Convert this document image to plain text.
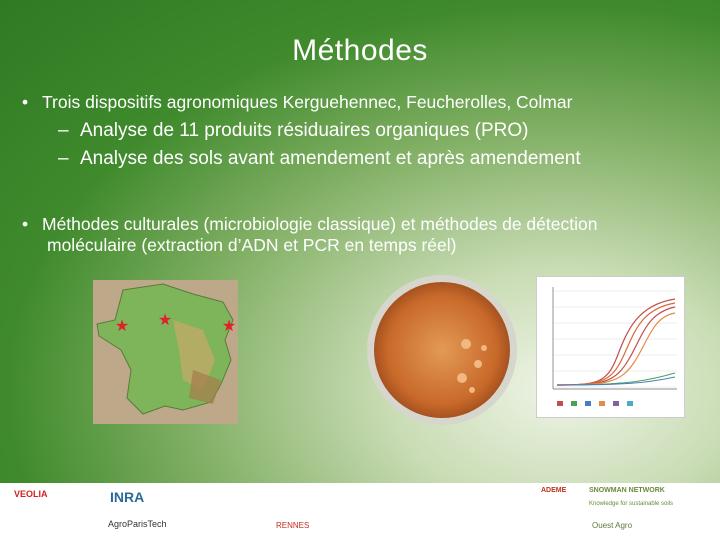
Méthodes
• Trois dispositifs agronomiques Kerguehennec, Feucherolles, Colmar
– Analyse de 11 produits résiduaires organiques (PRO)
– Analyse des sols avant amendement et après amendement
• Méthodes culturales (microbiologie classique) et méthodes de détection
moléculaire (extraction d’ADN et PCR en temps réel)
★ ★	★
VEOLIA	INRA
AgroParisTech	RENNES
ADEME	SNOWMAN NETWORK
Knowledge for sustainable soils
Ouest Agro
